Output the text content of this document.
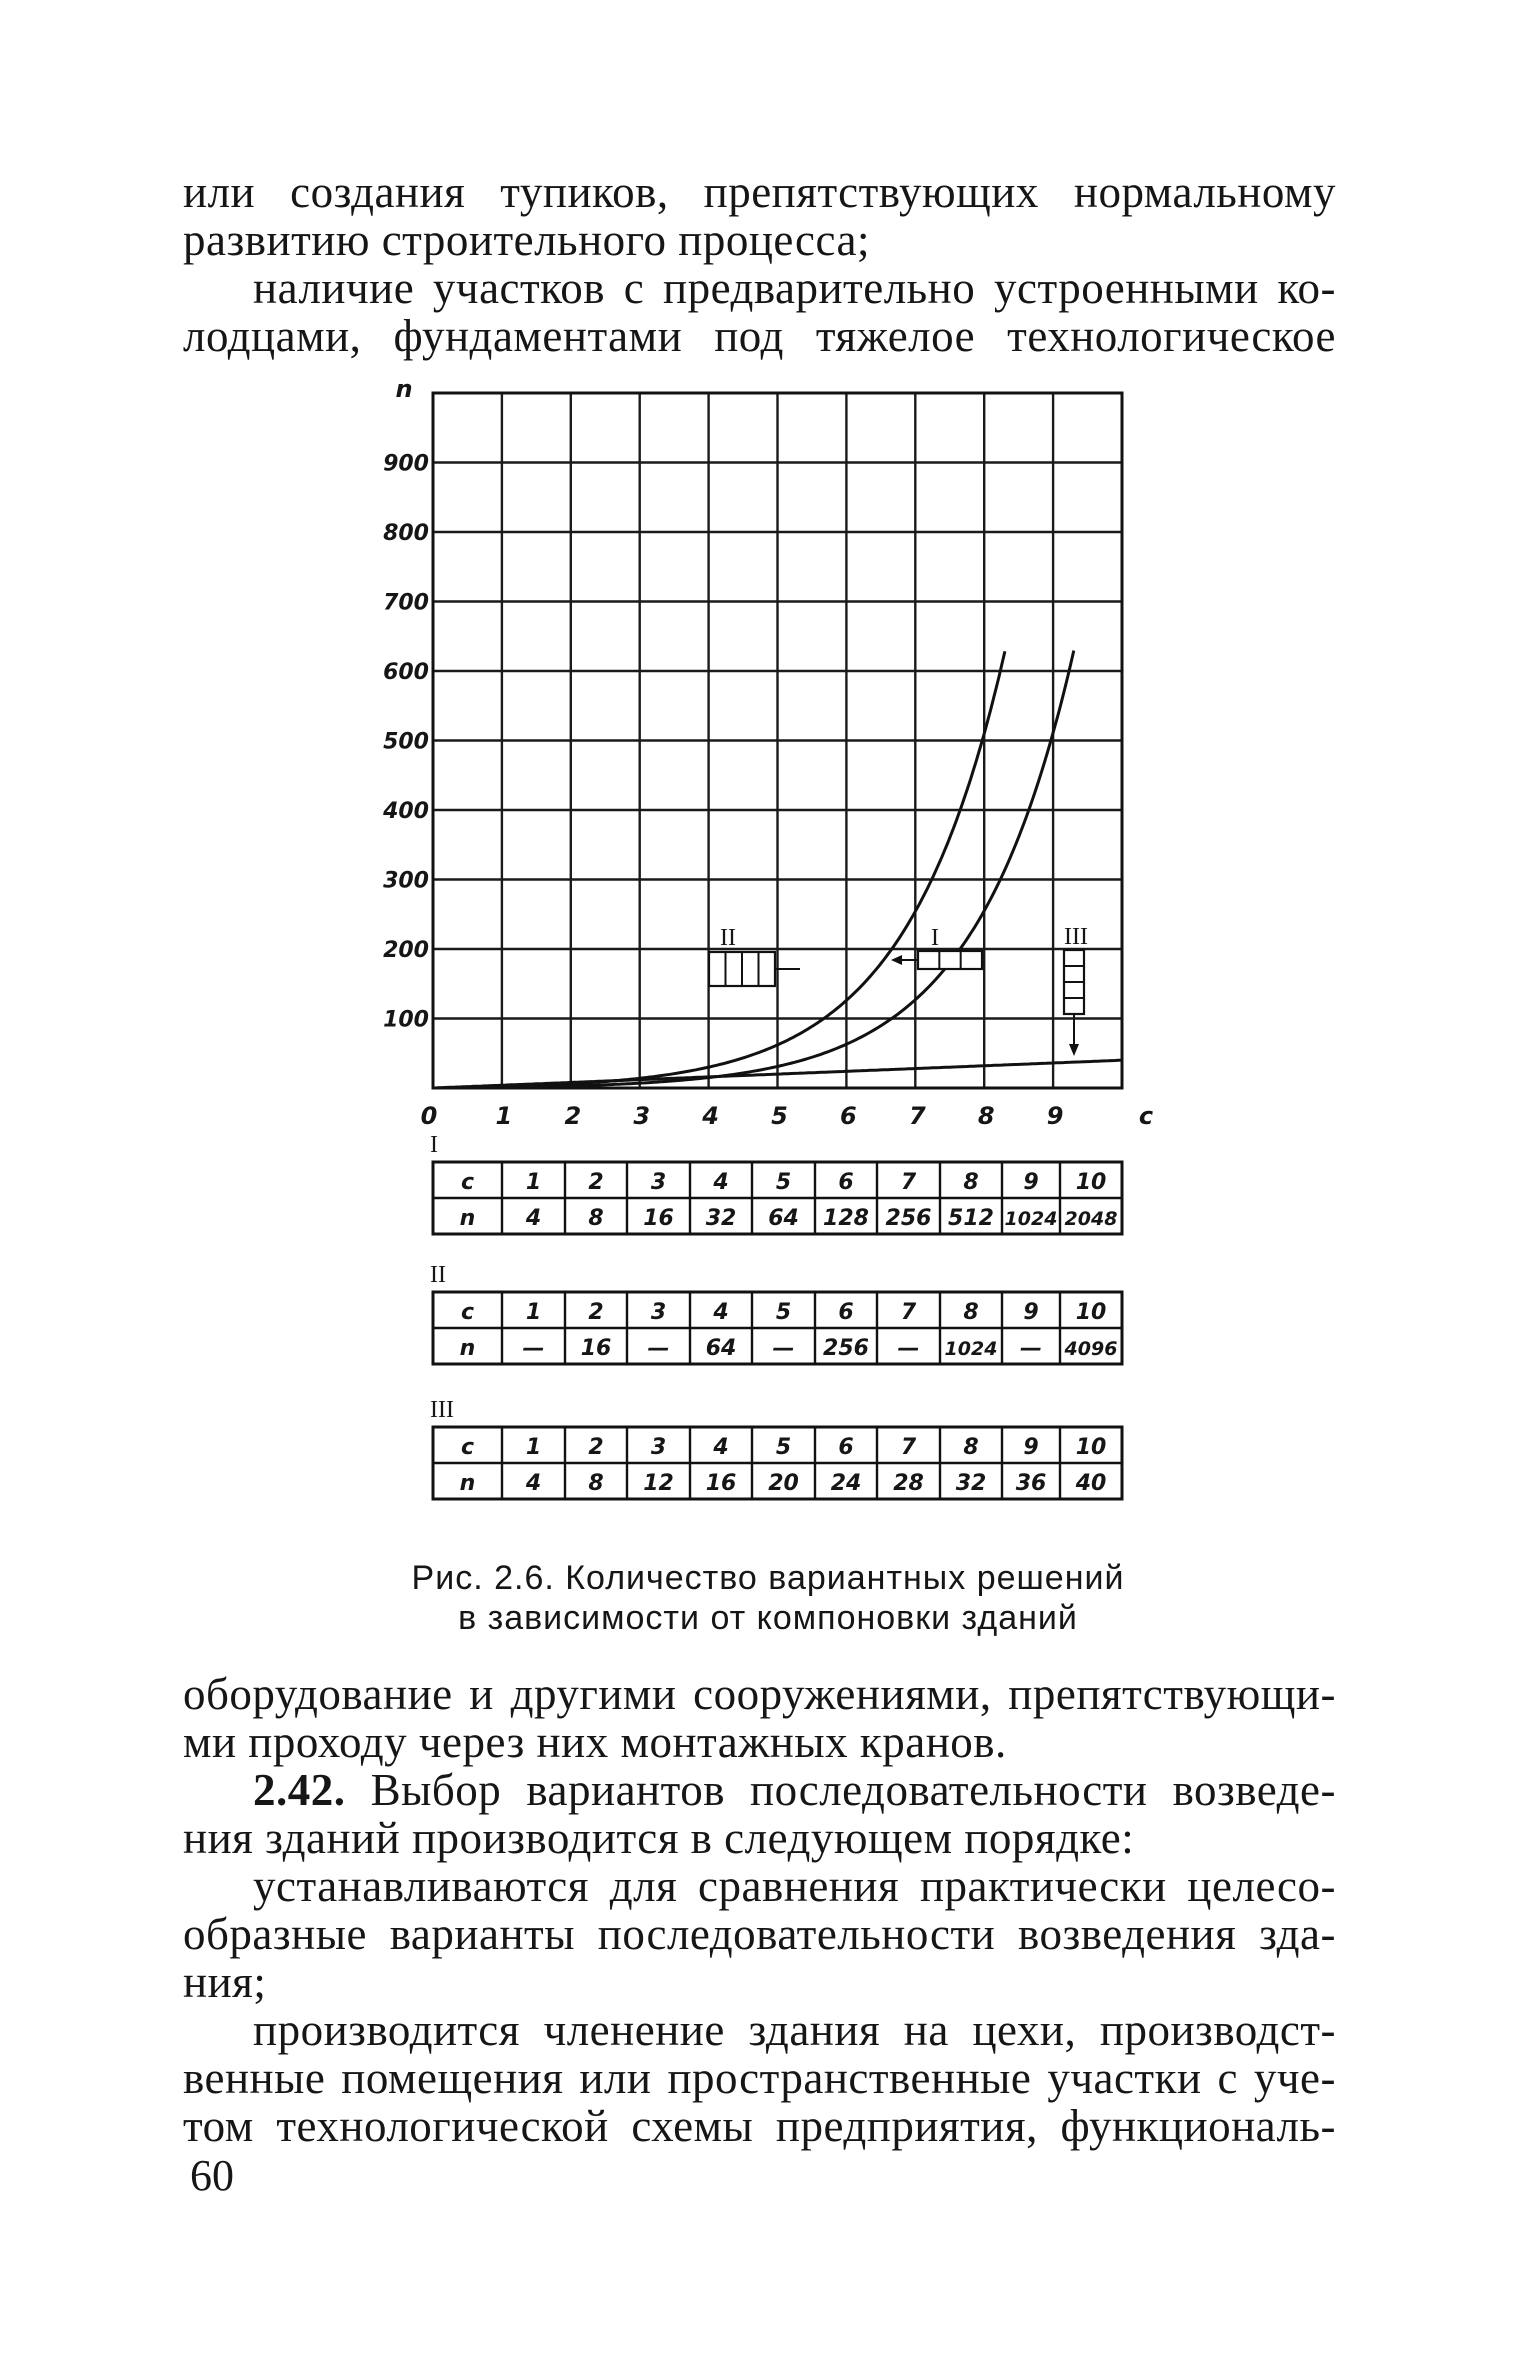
или создания тупиков, препятствующих нормальному
развитию строительного процесса;

наличие участков с предварительно устроенными ко-
лодцами, фундаментами под тяжелое технологическое

100
200
300
400
500
600
700
800
900
n
0 1 2 3 4 5 6 7 8 9	c
II	I	III
I
c 1 2 3 4 5 6 7 8 9 10
n 4 8 16 32 64 128 256 512 1024 2048
II
c 1 2 3 4 5 6 7 8 9 10
n — 16 — 64 — 256 — 1024 — 4096
III
c 1 2 3 4 5 6 7 8 9 10
n 4 8 12 16 20 24 28 32 36 40
Рис. 2.6. Количество вариантных решений
в зависимости от компоновки зданий

оборудование и другими сооружениями, препятствующи-
ми проходу через них монтажных кранов.

2.42. Выбор вариантов последовательности возведе-
ния зданий производится в следующем порядке:

устанавливаются для сравнения практически целесо-
образные варианты последовательности возведения зда-
ния;

производится членение здания на цехи, производст-
венные помещения или пространственные участки с уче-
том технологической схемы предприятия, функциональ-

60
